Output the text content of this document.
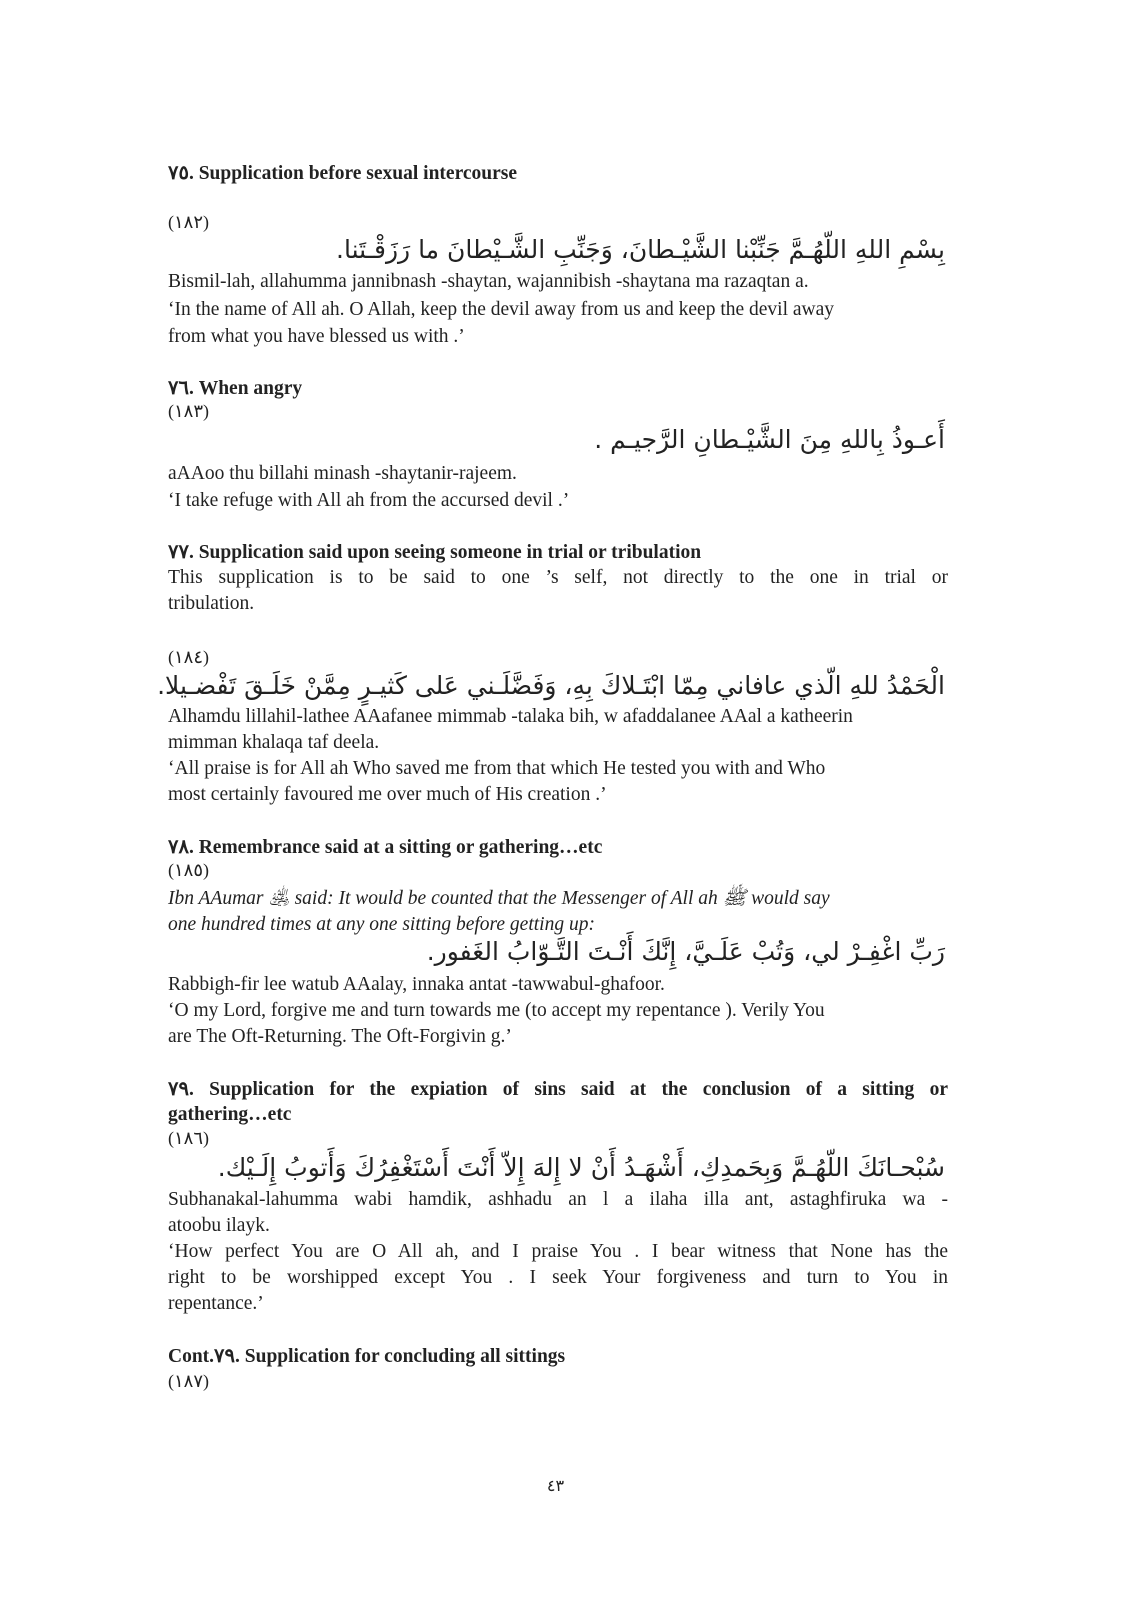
٧٥. Supplication before sexual intercourse
(١٨٢)
بِسْمِ اللهِ اللّهُـمَّ جَنِّبْنا الشَّيْـطانَ، وَجَنِّبِ الشَّـيْطانَ ما رَزَقْـتَنا.
Bismil-lah, allahumma jannibnash -shaytan, wajannibish -shaytana ma razaqtan a.
‘In the name of All ah. O Allah, keep the devil away from us and keep the devil away
from what you have blessed us with .’
٧٦. When angry
(١٨٣)
أَعـوذُ بِاللهِ مِنَ الشَّيْـطانِ الرَّجيـم .
aAAoo thu billahi minash -shaytanir-rajeem.
‘I take refuge with All ah from the accursed devil .’
٧٧. Supplication said upon seeing someone in trial or tribulation
This supplication is to be said to one ’s self, not directly to the one in trial or
tribulation.
(١٨٤)
الْحَمْدُ للهِ الّذي عافاني مِمّا ابْتَـلاكَ بِهِ، وَفَضَّلَـني عَلى كَثيـرٍ مِمَّنْ خَلَـقَ تَفْضـيلا.
Alhamdu lillahil-lathee AAafanee mimmab -talaka bih, w afaddalanee AAal a katheerin
mimman khalaqa taf deela.
‘All praise is for All ah Who saved me from that which He tested you with and Who
most certainly favoured me over much of His creation .’
٧٨. Remembrance said at a sitting or gathering…etc
(١٨٥)
Ibn AAumar ﵁ said: It would be counted that the Messenger of All ah ﷺ would say
one hundred times at any one sitting before getting up:
رَبِّ اغْفِـرْ لي، وَتُبْ عَلَـيَّ، إِنَّكَ أَنْـتَ التَّـوّابُ الغَفور.
Rabbigh-fir lee watub AAalay, innaka antat -tawwabul-ghafoor.
‘O my Lord, forgive me and turn towards me (to accept my repentance ). Verily You
are The Oft-Returning. The Oft-Forgivin g.’
٧٩. Supplication for the expiation of sins said at the conclusion of a sitting or
gathering…etc
(١٨٦)
سُبْحـانَكَ اللّهُـمَّ وَبِحَمدِكِ، أَشْهَـدُ أَنْ لا إِلهَ إِلاّ أَنْتَ أَسْتَغْفِرُكَ وَأَتوبُ إِلَـيْك.
Subhanakal-lahumma wabi hamdik, ashhadu an l a ilaha illa ant, astaghfiruka wa -
atoobu ilayk.
‘How perfect You are O All ah, and I praise You . I bear witness that None has the
right to be worshipped except You . I seek Your forgiveness and turn to You in
repentance.’
Cont.٧٩. Supplication for concluding all sittings
(١٨٧)
٤٣
